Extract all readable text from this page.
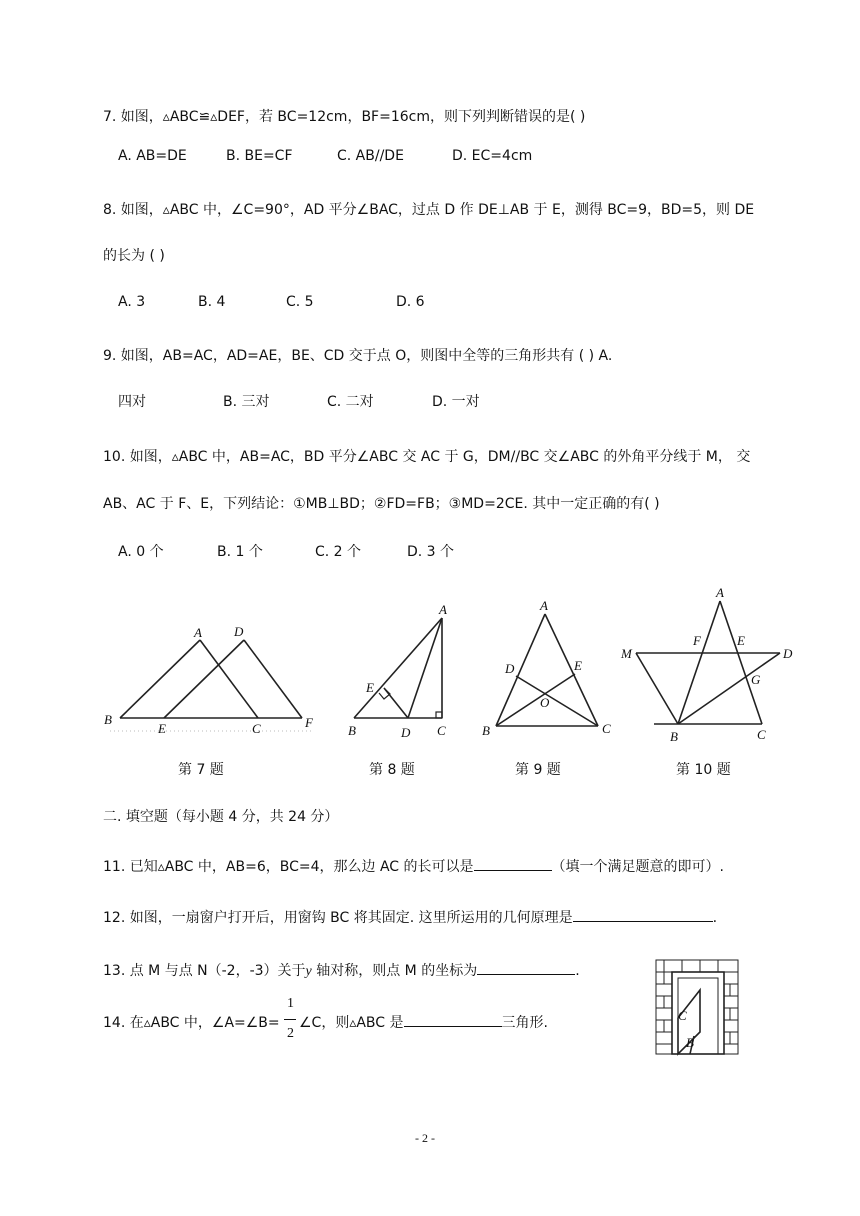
7. 如图，▵ABC≌▵DEF，若 BC=12cm，BF=16cm，则下列判断错误的是( )
A. AB=DE	B. BE=CF	C. AB//DE	D. EC=4cm
8. 如图，▵ABC 中，∠C=90°，AD 平分∠BAC，过点 D 作 DE⊥AB 于 E，测得 BC=9，BD=5，则 DE
的长为 ( )
A. 3	B. 4	C. 5	D. 6
9. 如图，AB=AC，AD=AE，BE、CD 交于点 O，则图中全等的三角形共有 ( ) A.
四对	B. 三对	C. 二对	D. 一对
10. 如图，▵ABC 中，AB=AC，BD 平分∠ABC 交 AC 于 G，DM//BC 交∠ABC 的外角平分线于 M， 交
AB、AC 于 F、E，下列结论：①MB⊥BD；②FD=FB；③MD=2CE. 其中一定正确的有( )
A. 0 个	B. 1 个	C. 2 个	D. 3 个
A D
B
E	C	F
A
E
B	D C
A
D	E
O
B	C
A
M
F	E
D
G
B	C
第 7 题	第 8 题	第 9 题	第 10 题
二. 填空题（每小题 4 分，共 24 分）
11. 已知▵ABC 中，AB=6，BC=4，那么边 AC 的长可以是	（填一个满足题意的即可）.
12. 如图，一扇窗户打开后，用窗钩 BC 将其固定. 这里所运用的几何原理是	.
13. 点 M 与点 N（-2，-3）关于y 轴对称，则点 M 的坐标为	.
14. 在▵ABC 中，∠A=∠B=
1
2
∠C，则▵ABC 是	三角形.	C
B
- 2 -
